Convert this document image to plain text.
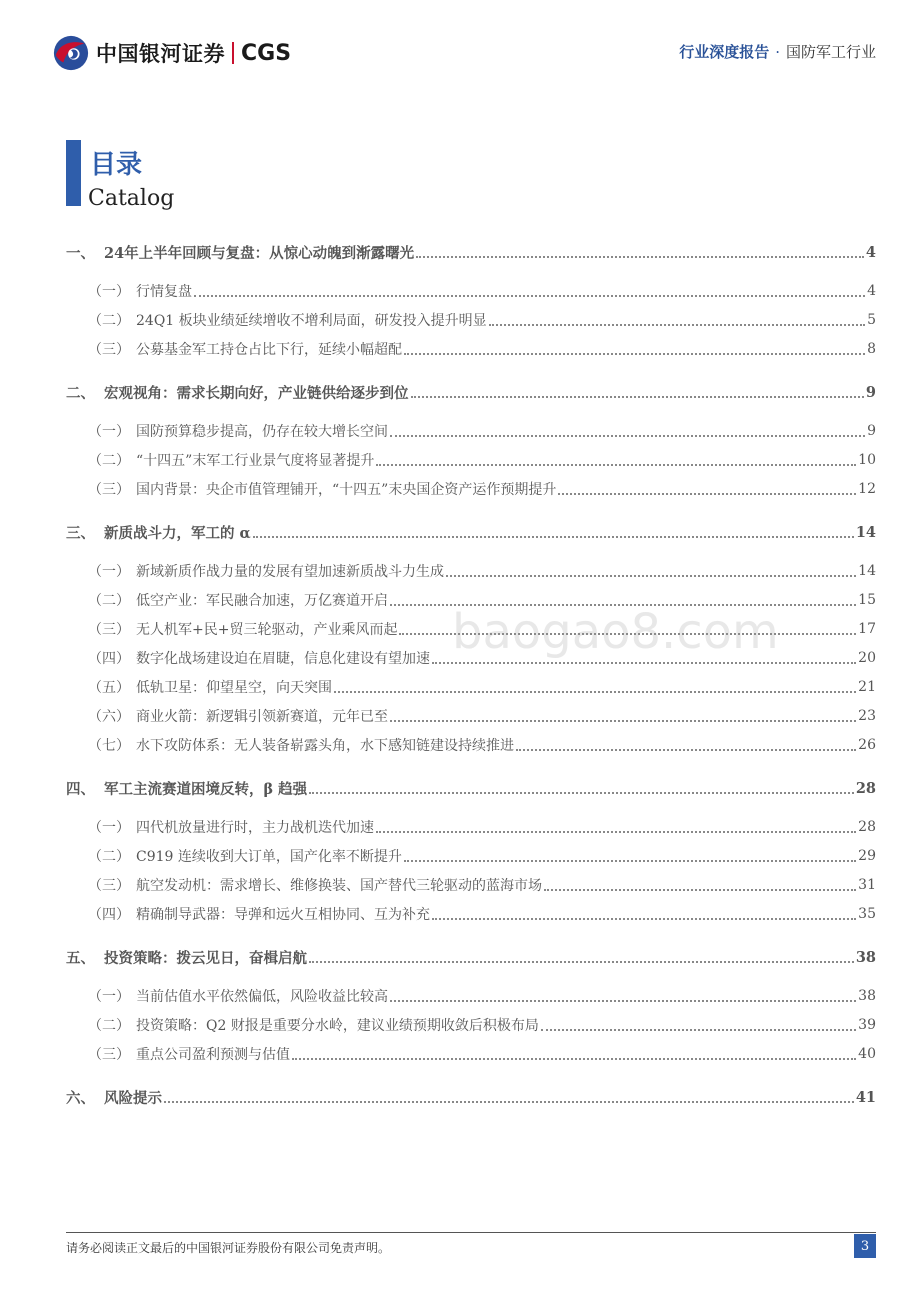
中国银河证券 CGS	行业深度报告 · 国防军工行业
目录
Catalog
一、 24年上半年回顾与复盘：从惊心动魄到渐露曙光	4
（一） 行情复盘	4
（二） 24Q1 板块业绩延续增收不增利局面，研发投入提升明显	5
（三） 公募基金军工持仓占比下行，延续小幅超配	8
二、 宏观视角：需求长期向好，产业链供给逐步到位	9
（一） 国防预算稳步提高，仍存在较大增长空间	9
（二） “十四五”末军工行业景气度将显著提升	10
（三） 国内背景：央企市值管理铺开，“十四五”末央国企资产运作预期提升	12
三、 新质战斗力，军工的 α	14
（一） 新域新质作战力量的发展有望加速新质战斗力生成	14
（二） 低空产业：军民融合加速，万亿赛道开启	15
（三） 无人机军+民+贸三轮驱动，产业乘风而起	17
（四） 数字化战场建设迫在眉睫，信息化建设有望加速	20
（五） 低轨卫星：仰望星空，向天突围	21
（六） 商业火箭：新逻辑引领新赛道，元年已至	23
（七） 水下攻防体系：无人装备崭露头角，水下感知链建设持续推进	26
四、 军工主流赛道困境反转，β 趋强	28
（一） 四代机放量进行时，主力战机迭代加速	28
（二） C919 连续收到大订单，国产化率不断提升	29
（三） 航空发动机：需求增长、维修换装、国产替代三轮驱动的蓝海市场	31
（四） 精确制导武器：导弹和远火互相协同、互为补充	35
五、 投资策略：拨云见日，奋楫启航	38
（一） 当前估值水平依然偏低，风险收益比较高	38
（二） 投资策略：Q2 财报是重要分水岭，建议业绩预期收敛后积极布局	39
（三） 重点公司盈利预测与估值	40
六、 风险提示	41
baogao8.com
请务必阅读正文最后的中国银河证券股份有限公司免责声明。	3
